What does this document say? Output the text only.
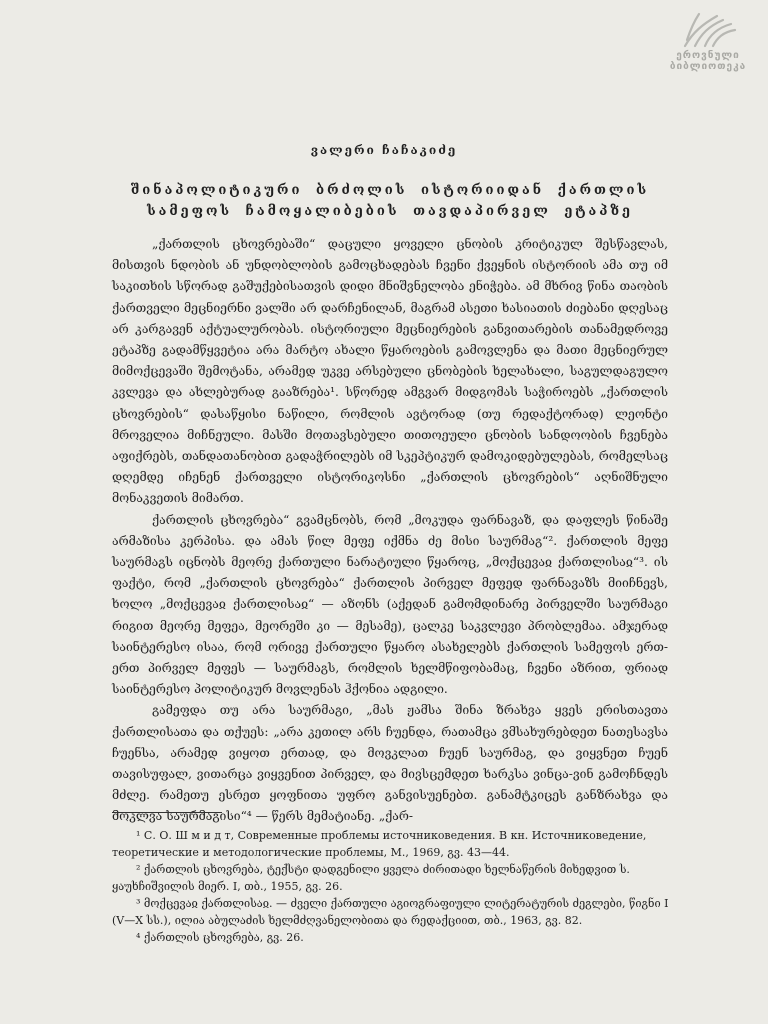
ეროვნული
ბიბლიოთეკა
ვალერი ჩაჩაკიძე
შინაპოლიტიკური ბრძოლის ისტორიიდან ქართლის სამეფოს ჩამოყალიბების თავდაპირველ ეტაპზე

„ქართლის ცხოვრებაში“ დაცული ყოველი ცნობის კრიტიკულ შესწავლას, მისთვის ნდობის ან უნდობლობის გამოცხადებას ჩვენი ქვეყნის ისტორიის ამა თუ იმ საკითხის სწორად გაშუქებისათვის დიდი მნიშვნელობა ენიჭება. ამ მხრივ წინა თაობის ქართველი მეცნიერნი ვალში არ დარჩენილან, მაგრამ ასეთი ხასიათის ძიებანი დღესაც არ კარგავენ აქტუალურობას. ისტორიული მეცნიერების განვითარების თანამედროვე ეტაპზე გადამწყვეტია არა მარტო ახალი წყაროების გამოვლენა და მათი მეცნიერულ მიმოქცევაში შემოტანა, არამედ უკვე არსებული ცნობების ხელახალი, საგულდაგულო კვლევა და ახლებურად გააზრება¹. სწორედ ამგვარ მიდგომას საჭიროებს „ქართლის ცხოვრების“ დასაწყისი ნაწილი, რომლის ავტორად (თუ რედაქტორად) ლეონტი მროველია მიჩნეული. მასში მოთავსებული თითოეული ცნობის სანდოობის ჩვენება აფიქრებს, თანდათანობით გადაჭრილებს იმ სკეპტიკურ დამოკიდებულებას, რომელსაც დღემდე იჩენენ ქართველი ისტორიკოსნი „ქართლის ცხოვრების“ აღნიშნული მონაკვეთის მიმართ.

ქართლის ცხოვრება“ გვამცნობს, რომ „მოკუდა ფარნავაზ, და დაფლეს წინაშე არმაზისა კერპისა. და ამას წილ მეფე იქმნა ძე მისი საურმაგ“². ქართლის მეფე საურმაგს იცნობს მეორე ქართული ნარატიული წყაროც, „მოქცევაჲ ქართლისაჲ“³. ის ფაქტი, რომ „ქართლის ცხოვრება“ ქართლის პირველ მეფედ ფარნავაზს მიიჩნევს, ხოლო „მოქცევაჲ ქართლისაჲ“ — აზონს (აქედან გამომდინარე პირველში საურმაგი რიგით მეორე მეფეა, მეორეში კი — მესამე), ცალკე საკვლევი პრობლემაა. ამჯერად საინტერესო ისაა, რომ ორივე ქართული წყარო ასახელებს ქართლის სამეფოს ერთ-ერთ პირველ მეფეს — საურმაგს, რომლის ხელმწიფობამაც, ჩვენი აზრით, ფრიად საინტერესო პოლიტიკურ მოვლენას ჰქონია ადგილი.

გამეფდა თუ არა საურმაგი, „მას ჟამსა შინა ზრახვა ყვეს ერისთავთა ქართლისათა და თქუეს: „არა კეთილ არს ჩუენდა, რათამცა ვმსახურებდეთ ნათესავსა ჩუენსა, არამედ ვიყოთ ერთად, და მოვკლათ ჩუენ საურმაგ, და ვიყვნეთ ჩუენ თავისუფალ, ვითარცა ვიყვენით პირველ, და მივსცემდეთ ხარკსა ვინცა-ვინ გამოჩნდეს მძლე. რამეთუ ესრეთ ყოფნითა უფრო განვისუენებთ. განამტკიცეს განზრახვა და მოკლვა საურმაგისი“⁴ — წერს მემატიანე. „ქარ-

¹ С. О. Ш м и д т, Современные проблемы источниковедения. В кн. Источниковедение, теоретические и методологические проблемы, М., 1969, გვ. 43—44.

² ქართლის ცხოვრება, ტექსტი დადგენილი ყველა ძირითადი ხელნაწერის მიხედვით ს. ყაუხჩიშვილის მიერ. I, თბ., 1955, გვ. 26.

³ მოქცევაჲ ქართლისაჲ. — ძველი ქართული აგიოგრაფიული ლიტერატურის ძეგლები, წიგნი I (V—X სს.), ილია აბულაძის ხელმძღვანელობითა და რედაქციით, თბ., 1963, გვ. 82.

⁴ ქართლის ცხოვრება, გვ. 26.
